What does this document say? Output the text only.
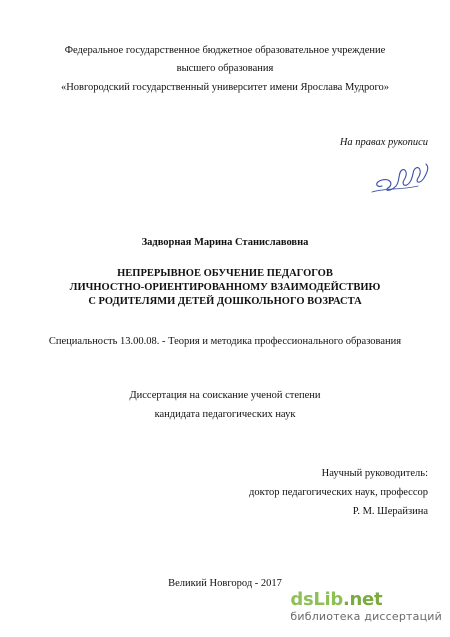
Федеральное государственное бюджетное образовательное учреждение
высшего образования
«Новгородский государственный университет имени Ярослава Мудрого»
На правах рукописи
Задворная Марина Станиславовна
НЕПРЕРЫВНОЕ ОБУЧЕНИЕ ПЕДАГОГОВ
ЛИЧНОСТНО-ОРИЕНТИРОВАННОМУ ВЗАИМОДЕЙСТВИЮ
С РОДИТЕЛЯМИ ДЕТЕЙ ДОШКОЛЬНОГО ВОЗРАСТА
Специальность 13.00.08. - Теория и методика профессионального образования
Диссертация на соискание ученой степени
кандидата педагогических наук
Научный руководитель:
доктор педагогических наук, профессор
Р. М. Шерайзина
Великий Новгород - 2017
dsLib.net
библиотека диссертаций
